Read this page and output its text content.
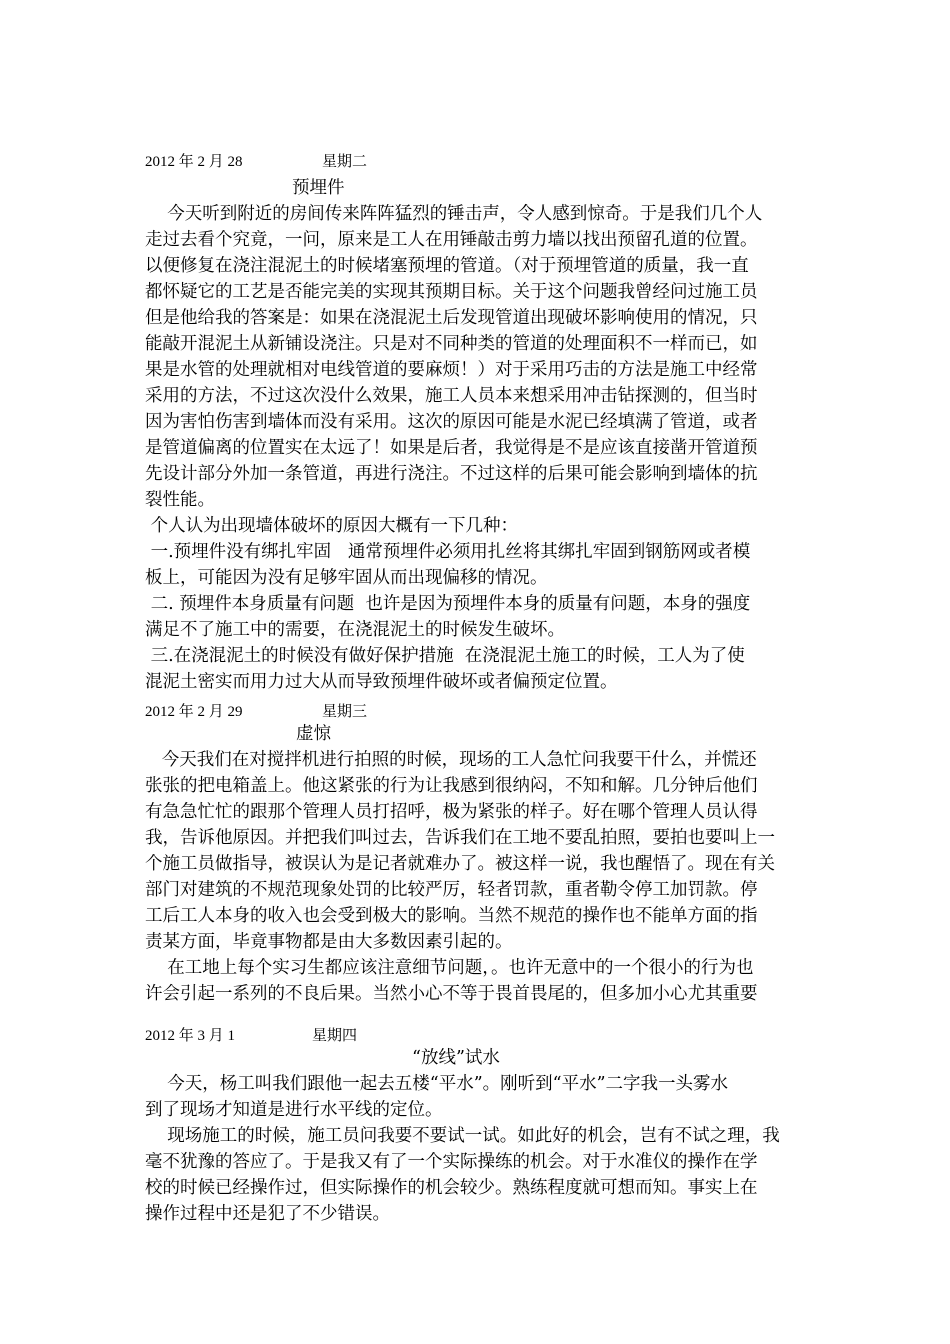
2012 年 2 月 28	星期二
预埋件
今天听到附近的房间传来阵阵猛烈的锤击声，令人感到惊奇。于是我们几个人
走过去看个究竟，一问，原来是工人在用锤敲击剪力墙以找出预留孔道的位置。
以便修复在浇注混泥土的时候堵塞预埋的管道。（对于预埋管道的质量，我一直
都怀疑它的工艺是否能完美的实现其预期目标。关于这个问题我曾经问过施工员
但是他给我的答案是：如果在浇混泥土后发现管道出现破坏影响使用的情况，只
能敲开混泥土从新铺设浇注。只是对不同种类的管道的处理面积不一样而已，如
果是水管的处理就相对电线管道的要麻烦！）对于采用巧击的方法是施工中经常
采用的方法，不过这次没什么效果，施工人员本来想采用冲击钻探测的，但当时
因为害怕伤害到墙体而没有采用。这次的原因可能是水泥已经填满了管道，或者
是管道偏离的位置实在太远了！如果是后者，我觉得是不是应该直接凿开管道预
先设计部分外加一条管道，再进行浇注。不过这样的后果可能会影响到墙体的抗
裂性能。
个人认为出现墙体破坏的原因大概有一下几种：
一.预埋件没有绑扎牢固   通常预埋件必须用扎丝将其绑扎牢固到钢筋网或者模
板上，可能因为没有足够牢固从而出现偏移的情况。
二. 预埋件本身质量有问题  也许是因为预埋件本身的质量有问题，本身的强度
满足不了施工中的需要，在浇混泥土的时候发生破坏。
三.在浇混泥土的时候没有做好保护措施  在浇混泥土施工的时候，工人为了使
混泥土密实而用力过大从而导致预埋件破坏或者偏预定位置。
2012 年 2 月 29	星期三
虚惊
今天我们在对搅拌机进行拍照的时候，现场的工人急忙问我要干什么，并慌还
张张的把电箱盖上。他这紧张的行为让我感到很纳闷，不知和解。几分钟后他们
有急急忙忙的跟那个管理人员打招呼，极为紧张的样子。好在哪个管理人员认得
我，告诉他原因。并把我们叫过去，告诉我们在工地不要乱拍照，要拍也要叫上一
个施工员做指导，被误认为是记者就难办了。被这样一说，我也醒悟了。现在有关
部门对建筑的不规范现象处罚的比较严厉，轻者罚款，重者勒令停工加罚款。停
工后工人本身的收入也会受到极大的影响。当然不规范的操作也不能单方面的指
责某方面，毕竟事物都是由大多数因素引起的。
在工地上每个实习生都应该注意细节问题，。也许无意中的一个很小的行为也
许会引起一系列的不良后果。当然小心不等于畏首畏尾的，但多加小心尤其重要
2012 年 3 月 1	星期四
“放线”试水
今天，杨工叫我们跟他一起去五楼“平水”。刚听到“平水”二字我一头雾水
到了现场才知道是进行水平线的定位。
现场施工的时候，施工员问我要不要试一试。如此好的机会，岂有不试之理，我
毫不犹豫的答应了。于是我又有了一个实际操练的机会。对于水准仪的操作在学
校的时候已经操作过，但实际操作的机会较少。熟练程度就可想而知。事实上在
操作过程中还是犯了不少错误。
